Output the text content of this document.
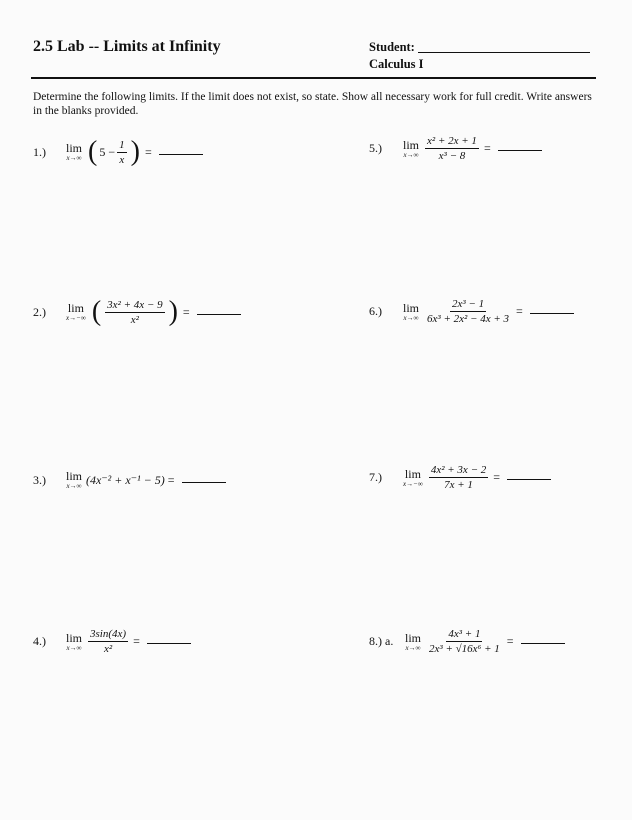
2.5 Lab -- Limits at Infinity	Student:
Calculus I
Determine the following limits. If the limit does not exist, so state. Show all necessary work for full credit. Write answers in the blanks provided.
1.)	lim
x→∞ ( $5 - \frac{1}{x}$ ) =	5.)	lim
$x\to\infty \frac{\text{x² + 2x + 1}}{\text{x³ − 8}}$ =
2.)	lim
x→−∞ ( $\frac{\text{3x² + 4x − 9}}{\text{x²}}$ ) =	6.)	lim
$x\to\infty \frac{\text{2x³ − 1}}{\text{6x³ + 2x² − 4x + 3}}$ =
3.)	lim
x→∞ (4x⁻² + x⁻¹ − 5) =	7.)	lim
$x\to-\infty \frac{\text{4x² + 3x − 2}}{7x + 1}$ =
4.)	lim
$x\to\infty \frac{3\sin(4x)}{\text{x²}}$ =	8.) a. lim
$x\to\infty \frac{\text{4x³ + 1}}{\text{2x³ + √16x⁶ + 1}}$ =
